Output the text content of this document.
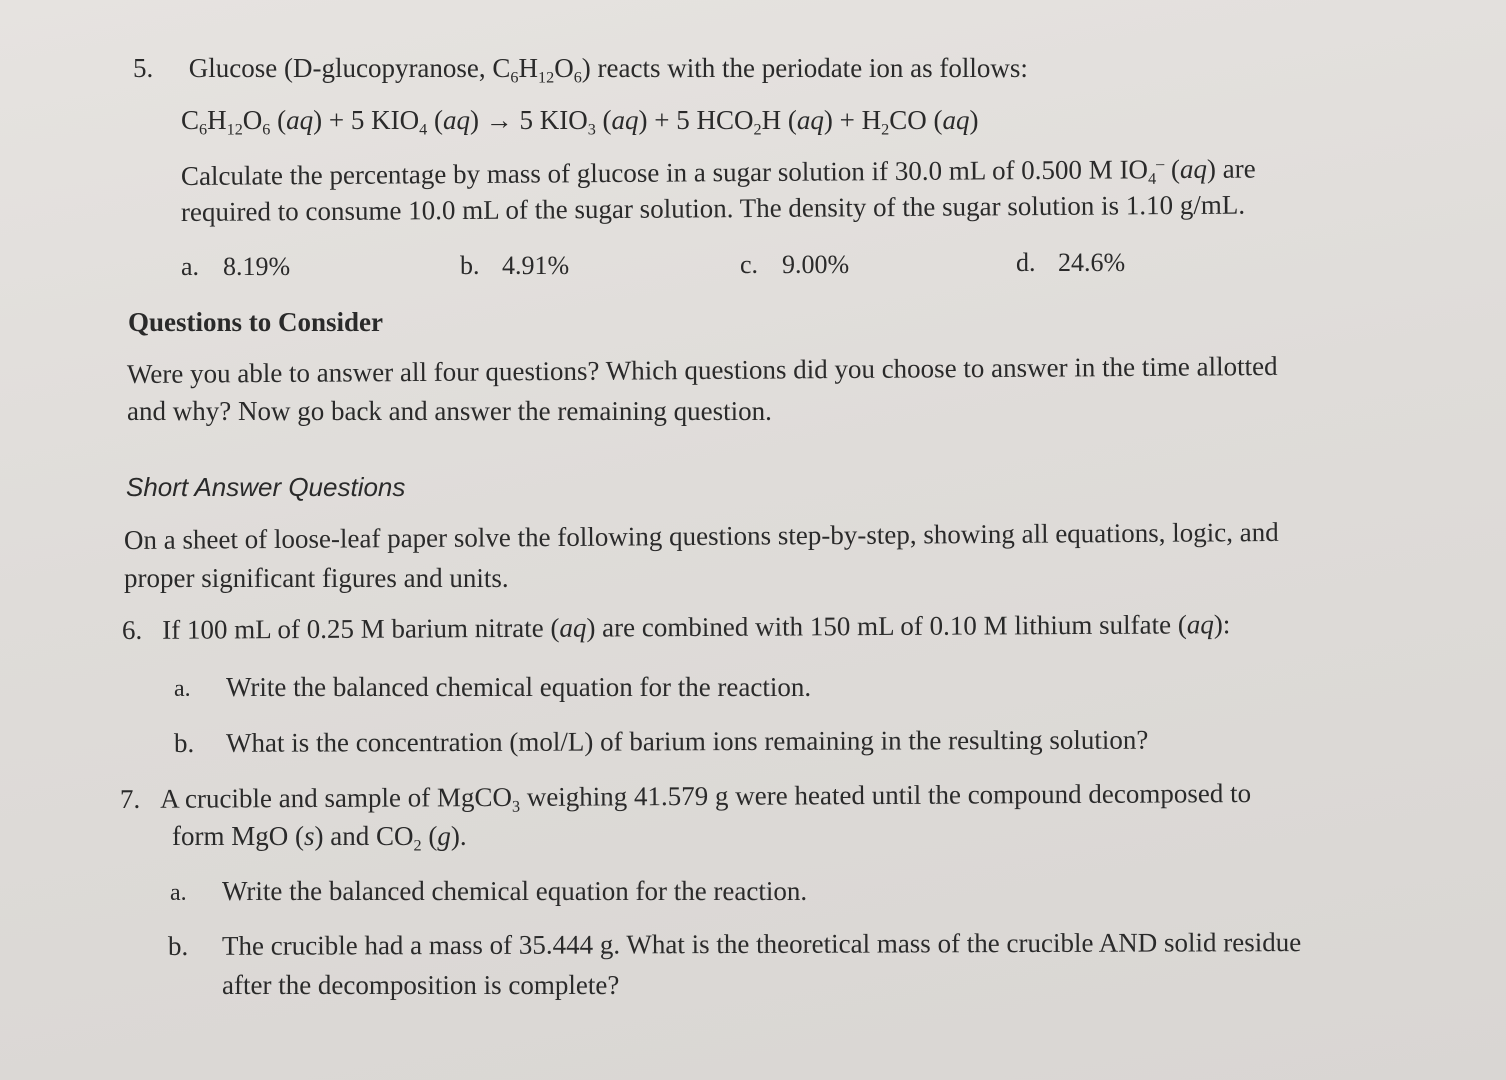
5. Glucose (D-glucopyranose, $C_6H_{12}O_6$) reacts with the periodate ion as follows:
$C_6H_{12}O_6$ (aq) + 5 $KIO_4$ (aq) → 5 $KIO_3$ (aq) + 5 $HCO_2H$ $(aq) + H_2CO$ (aq)
Calculate the percentage by mass of glucose in a sugar solution if 30.0 mL of 0.500 M $IO_4^-$ (aq) are
required to consume 10.0 mL of the sugar solution. The density of the sugar solution is 1.10 g/mL.
a. 8.19%	b. 4.91%	c. 9.00%	d. 24.6%
Questions to Consider
Were you able to answer all four questions? Which questions did you choose to answer in the time allotted
and why? Now go back and answer the remaining question.
Short Answer Questions
On a sheet of loose-leaf paper solve the following questions step-by-step, showing all equations, logic, and
proper significant figures and units.
6. If 100 mL of 0.25 M barium nitrate (aq) are combined with 150 mL of 0.10 M lithium sulfate (aq):
a. Write the balanced chemical equation for the reaction.
b. What is the concentration (mol/L) of barium ions remaining in the resulting solution?
7. A crucible and sample of MgCO$_3$ weighing 41.579 g were heated until the compound decomposed to
form MgO (s) and $CO_2$ (g).
a. Write the balanced chemical equation for the reaction.
b. The crucible had a mass of 35.444 g. What is the theoretical mass of the crucible AND solid residue
after the decomposition is complete?
